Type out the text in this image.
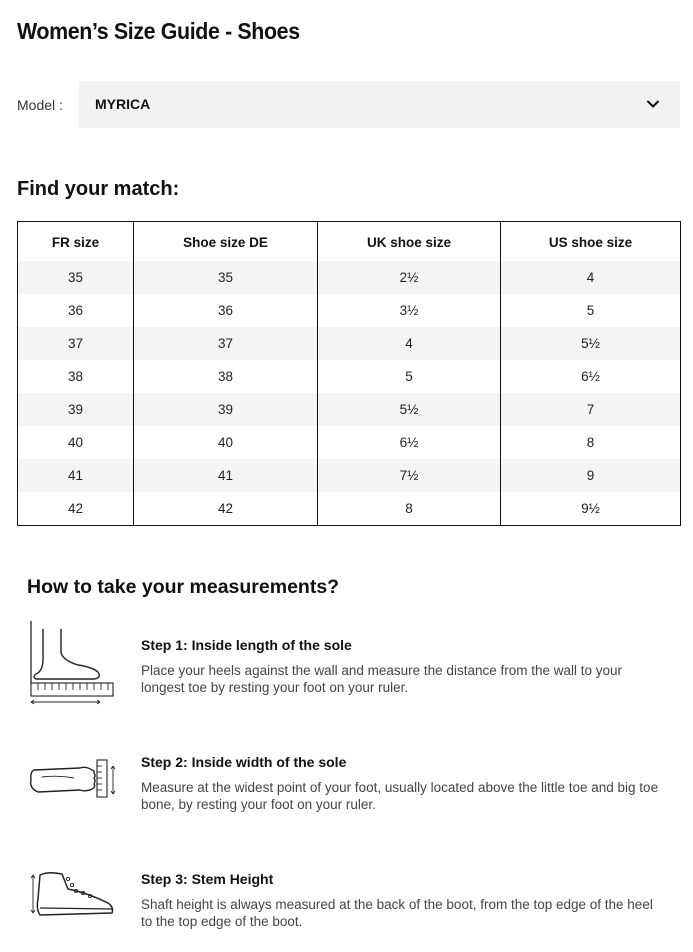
Women’s Size Guide - Shoes
Model : MYRICA
Find your match:
FR size	Shoe size DE	UK shoe size	US shoe size
35	35	2½	4
36	36	3½	5
37	37	4	5½
38	38	5	6½
39	39	5½	7
40	40	6½	8
41	41	7½	9
42	42	8	9½
How to take your measurements?

Step 1: Inside length of the sole

Place your heels against the wall and measure the distance from the wall to your longest toe by resting your foot on your ruler.

Step 2: Inside width of the sole

Measure at the widest point of your foot, usually located above the little toe and big toe bone, by resting your foot on your ruler.

Step 3: Stem Height

Shaft height is always measured at the back of the boot, from the top edge of the heel to the top edge of the boot.
